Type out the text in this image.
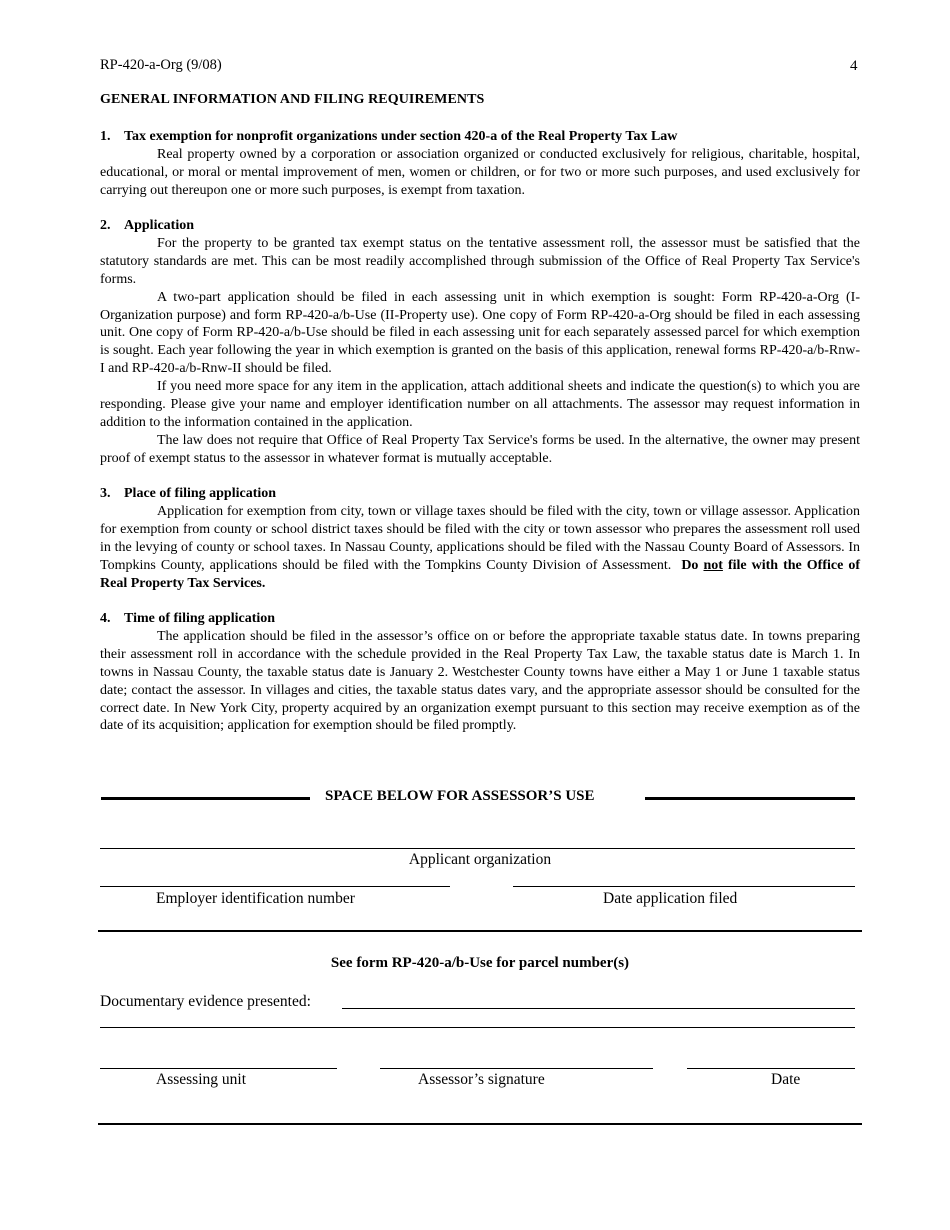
RP-420-a-Org (9/08)	4
GENERAL INFORMATION AND FILING REQUIREMENTS
1. Tax exemption for nonprofit organizations under section 420-a of the Real Property Tax Law

Real property owned by a corporation or association organized or conducted exclusively for religious, charitable, hospital, educational, or moral or mental improvement of men, women or children, or for two or more such purposes, and used exclusively for carrying out thereupon one or more such purposes, is exempt from taxation.

2. Application

For the property to be granted tax exempt status on the tentative assessment roll, the assessor must be satisfied that the statutory standards are met. This can be most readily accomplished through submission of the Office of Real Property Tax Service's forms.

A two-part application should be filed in each assessing unit in which exemption is sought: Form RP-420-a-Org (I-Organization purpose) and form RP-420-a/b-Use (II-Property use). One copy of Form RP-420-a-Org should be filed in each assessing unit. One copy of Form RP-420-a/b-Use should be filed in each assessing unit for each separately assessed parcel for which exemption is sought. Each year following the year in which exemption is granted on the basis of this application, renewal forms RP-420-a/b-Rnw-I and RP-420-a/b-Rnw-II should be filed.

If you need more space for any item in the application, attach additional sheets and indicate the question(s) to which you are responding. Please give your name and employer identification number on all attachments. The assessor may request information in addition to the information contained in the application.

The law does not require that Office of Real Property Tax Service's forms be used. In the alternative, the owner may present proof of exempt status to the assessor in whatever format is mutually acceptable.

3. Place of filing application

Application for exemption from city, town or village taxes should be filed with the city, town or village assessor. Application for exemption from county or school district taxes should be filed with the city or town assessor who prepares the assessment roll used in the levying of county or school taxes. In Nassau County, applications should be filed with the Nassau County Board of Assessors. In Tompkins County, applications should be filed with the Tompkins County Division of Assessment. Do not file with the Office of Real Property Tax Services.

4. Time of filing application

The application should be filed in the assessor’s office on or before the appropriate taxable status date. In towns preparing their assessment roll in accordance with the schedule provided in the Real Property Tax Law, the taxable status date is March 1. In towns in Nassau County, the taxable status date is January 2. Westchester County towns have either a May 1 or June 1 taxable status date; contact the assessor. In villages and cities, the taxable status dates vary, and the appropriate assessor should be consulted for the correct date. In New York City, property acquired by an organization exempt pursuant to this section may receive exemption as of the date of its acquisition; application for exemption should be filed promptly.

SPACE BELOW FOR ASSESSOR’S USE
Applicant organization
Employer identification number	Date application filed
See form RP-420-a/b-Use for parcel number(s)
Documentary evidence presented:
Assessing unit	Assessor’s signature	Date
